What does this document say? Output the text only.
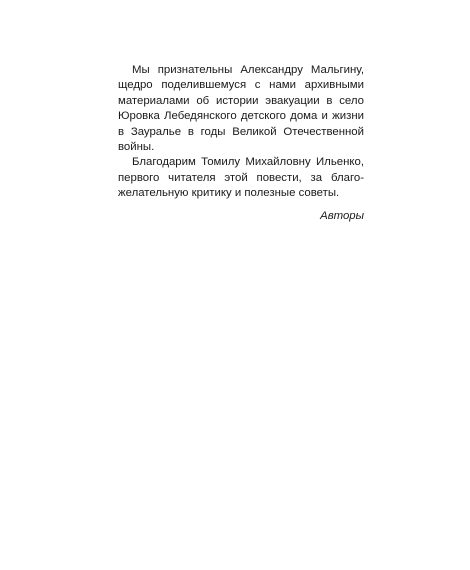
Мы признательны Александру Мальгину, щедро поделившемуся с нами архивными материалами об истории эвакуации в село Юровка Лебедянского детского дома и жизни в Зауралье в годы Великой Отечественной войны.

Благодарим Томилу Михайловну Ильенко, первого читателя этой повести, за благожелательную критику и полезные советы.

Авторы
